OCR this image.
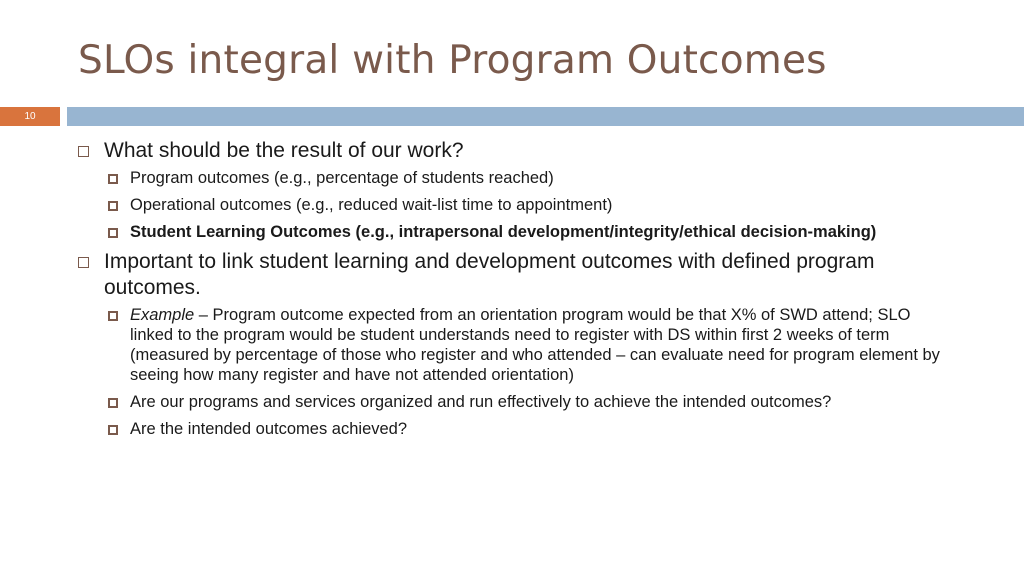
SLOs integral with Program Outcomes
10
What should be the result of our work?
Program outcomes (e.g., percentage of students reached)
Operational outcomes (e.g., reduced wait-list time to appointment)
Student Learning Outcomes (e.g., intrapersonal development/integrity/ethical decision-making)
Important to link student learning and development outcomes with defined program outcomes.
Example – Program outcome expected from an orientation program would be that X% of SWD attend; SLO linked to the program would be student understands need to register with DS within first 2 weeks of term (measured by percentage of those who register and who attended – can evaluate need for program element by seeing how many register and have not attended orientation)
Are our programs and services organized and run effectively to achieve the intended outcomes?
Are the intended outcomes achieved?
